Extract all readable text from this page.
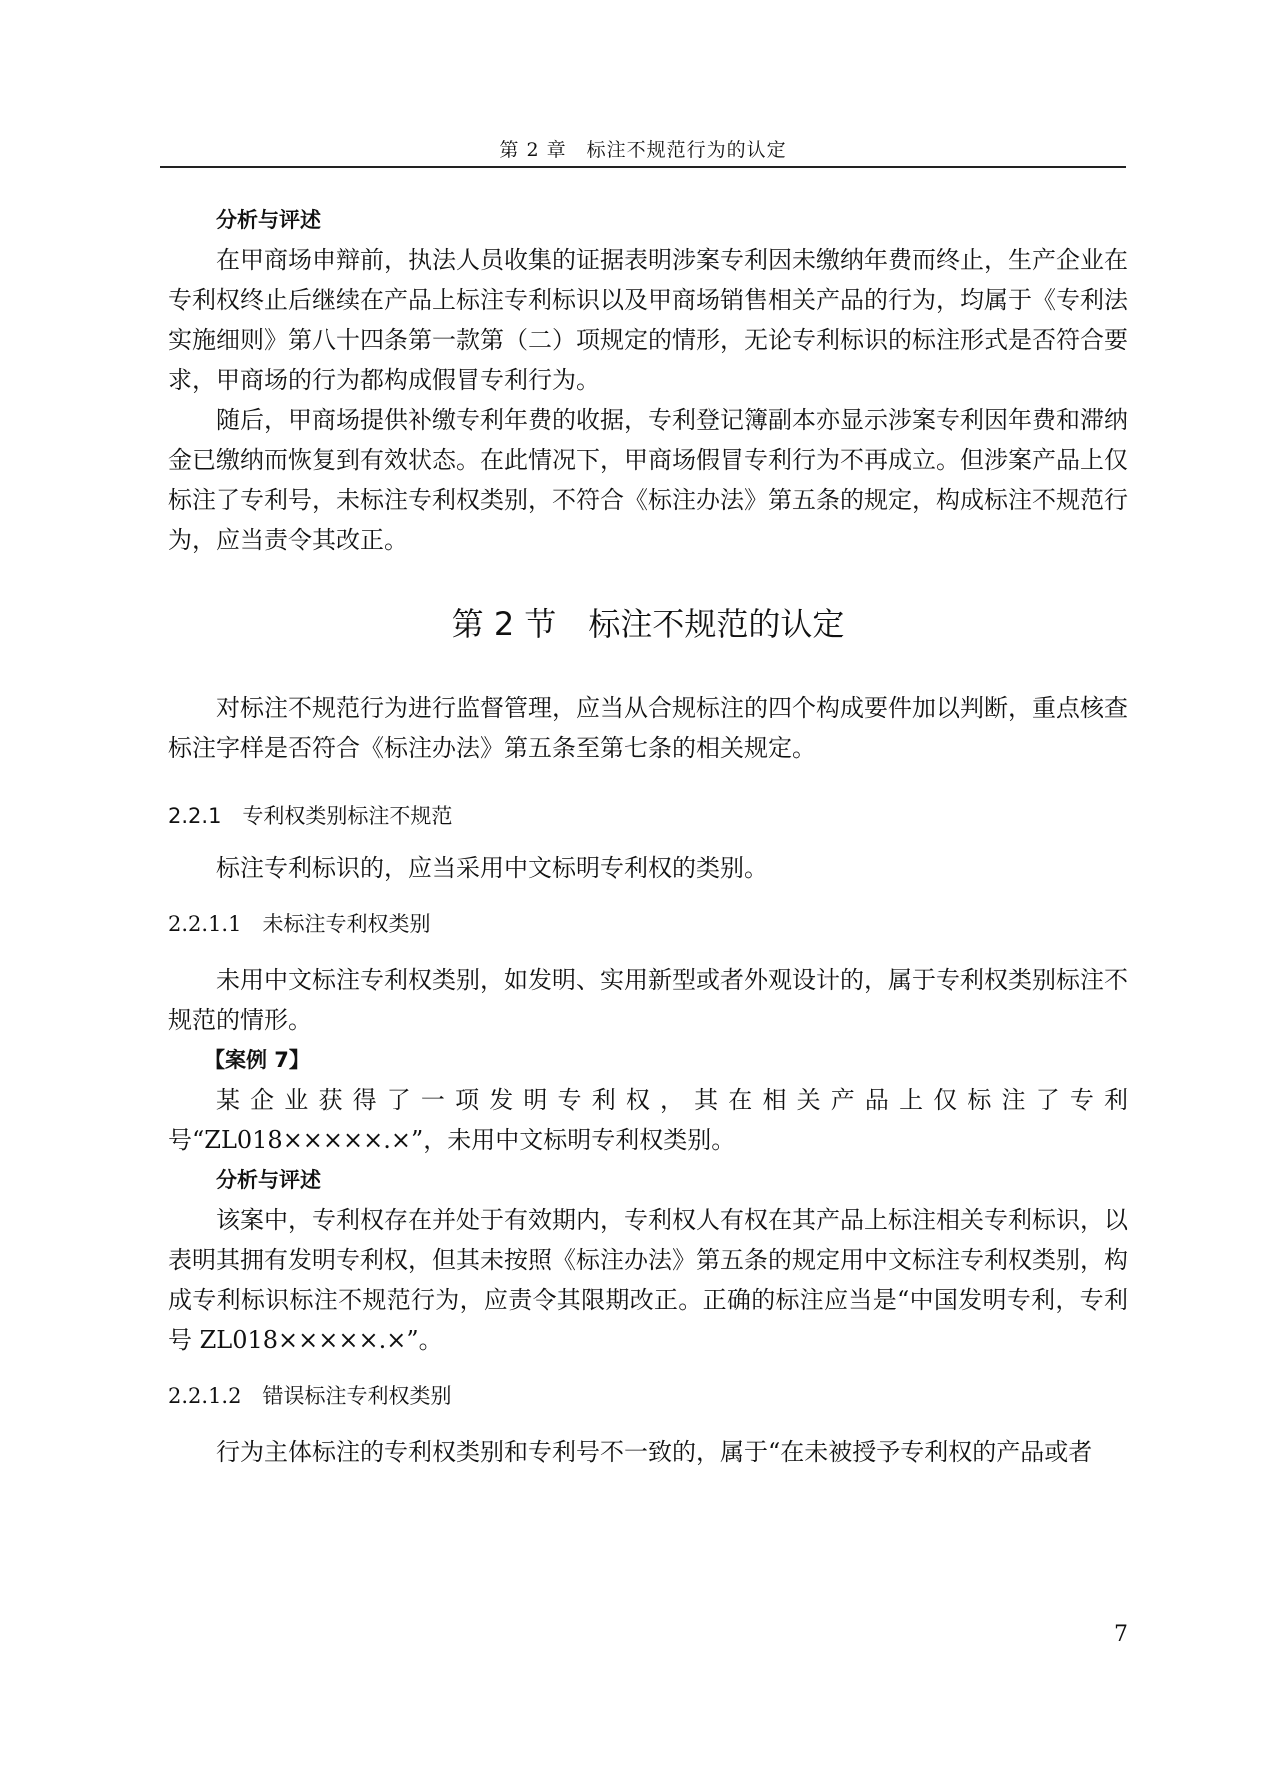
第 2 章　标注不规范行为的认定

分析与评述

在甲商场申辩前，执法人员收集的证据表明涉案专利因未缴纳年费而终止，生产企业在专利权终止后继续在产品上标注专利标识以及甲商场销售相关产品的行为，均属于《专利法实施细则》第八十四条第一款第（二）项规定的情形，无论专利标识的标注形式是否符合要求，甲商场的行为都构成假冒专利行为。

随后，甲商场提供补缴专利年费的收据，专利登记簿副本亦显示涉案专利因年费和滞纳金已缴纳而恢复到有效状态。在此情况下，甲商场假冒专利行为不再成立。但涉案产品上仅标注了专利号，未标注专利权类别，不符合《标注办法》第五条的规定，构成标注不规范行为，应当责令其改正。

第 2 节　标注不规范的认定

对标注不规范行为进行监督管理，应当从合规标注的四个构成要件加以判断，重点核查标注字样是否符合《标注办法》第五条至第七条的相关规定。

2.2.1　专利权类别标注不规范

标注专利标识的，应当采用中文标明专利权的类别。

2.2.1.1　未标注专利权类别

未用中文标注专利权类别，如发明、实用新型或者外观设计的，属于专利权类别标注不规范的情形。

【案例 7】

某企业获得了一项发明专利权，其在相关产品上仅标注了专利号“ZL018×××××.×”，未用中文标明专利权类别。

分析与评述

该案中，专利权存在并处于有效期内，专利权人有权在其产品上标注相关专利标识，以表明其拥有发明专利权，但其未按照《标注办法》第五条的规定用中文标注专利权类别，构成专利标识标注不规范行为，应责令其限期改正。正确的标注应当是“中国发明专利，专利号 ZL018×××××.×”。

2.2.1.2　错误标注专利权类别

行为主体标注的专利权类别和专利号不一致的，属于“在未被授予专利权的产品或者

7
